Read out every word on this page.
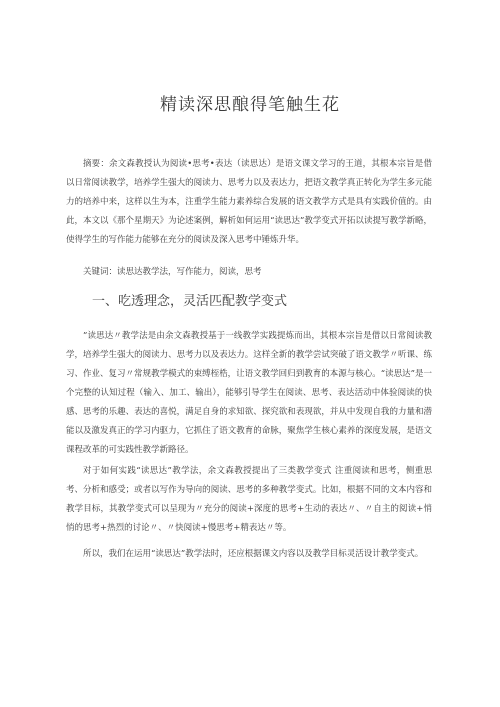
精读深思酿得笔触生花
摘要：余文森教授认为阅读•思考•表达（读思达）是语文课文学习的王道，其根本宗旨是借以日常阅读教学，培养学生强大的阅读力、思考力以及表达力，把语文教学真正转化为学生多元能力的培养中来，这样以生为本，注重学生能力素养综合发展的语文教学方式是具有实践价值的。由此，本文以《那个星期天》为论述案例，解析如何运用“读思达”教学变式开拓以读提写教学新略，使得学生的写作能力能够在充分的阅读及深入思考中锤炼升华。
关键词：读思达教学法，写作能力，阅读，思考
一、吃透理念，灵活匹配教学变式
”读思达〃教学法是由余文森教授基于一线教学实践提炼而出，其根本宗旨是借以日常阅读教学，培养学生强大的阅读力、思考力以及表达力。这样全新的教学尝试突破了语文教学〃听课、练习、作业、复习〃常规教学模式的束缚桎梏，让语文教学回归到教育的本源与核心。“读思达”是一个完整的认知过程（输入、加工、输出），能够引导学生在阅读、思考、表达活动中体验阅读的快感、思考的乐趣、表达的喜悦，满足自身的求知欲、探究欲和表现欲，并从中发现自我的力量和潜能以及激发真正的学习内驱力，它抓住了语文教育的命脉，聚焦学生核心素养的深度发展，是语文课程改革的可实践性教学新路径。
对于如何实践“读思达”教学法，余文森教授提出了三类教学变式 注重阅读和思考，侧重思考、分析和感受；或者以写作为导向的阅读、思考的多种教学变式。比如，根据不同的文本内容和教学目标，其教学变式可以呈现为〃充分的阅读+深度的思考+生动的表达〃、〃自主的阅读+悄悄的思考+热烈的讨论〃、〃快阅读+慢思考+精表达〃等。
所以，我们在运用“读思达”教学法时，还应根据课文内容以及教学目标灵活设计教学变式。
